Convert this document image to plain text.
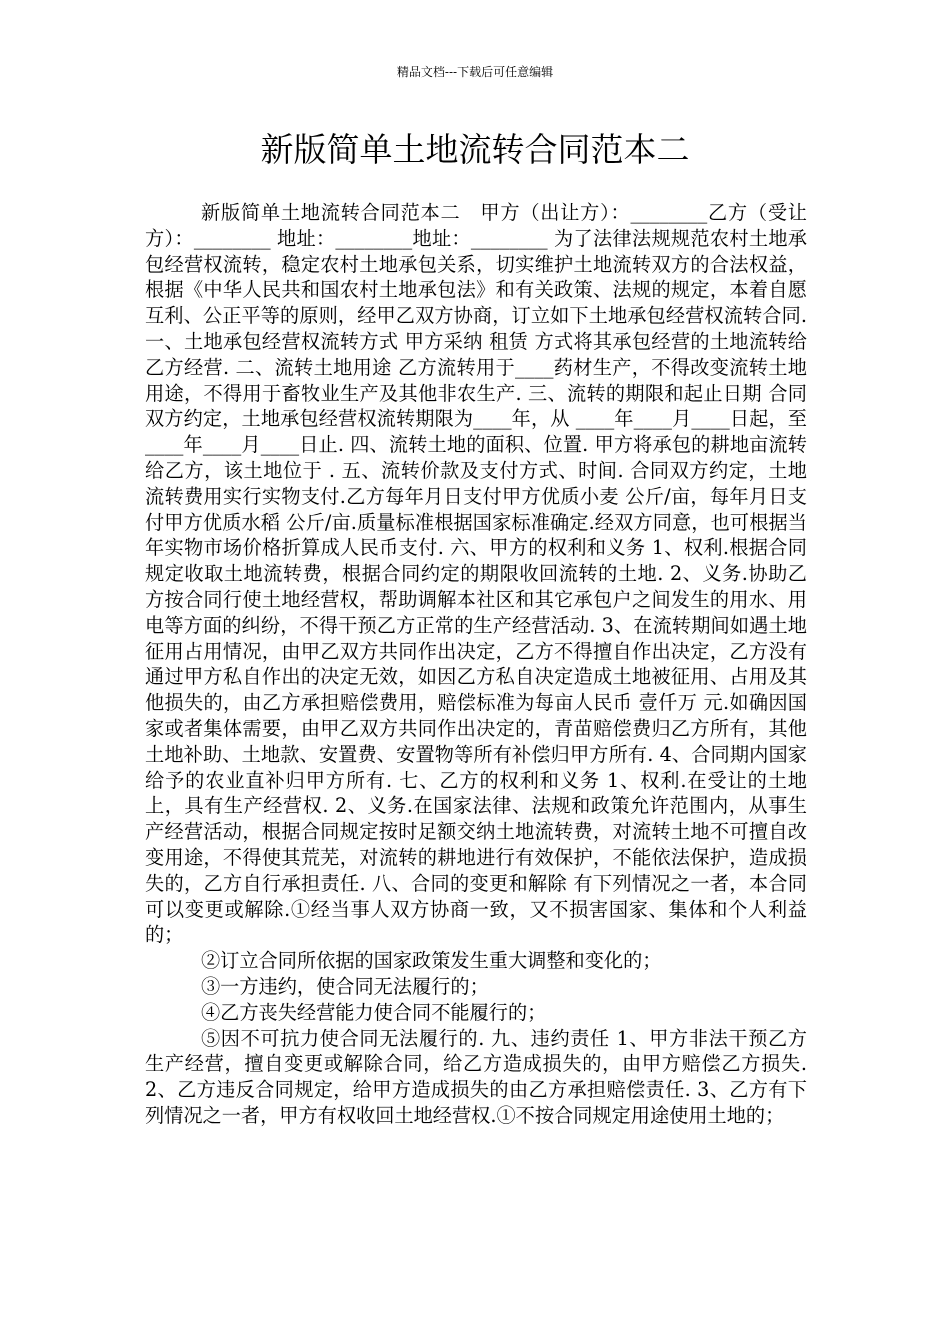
精品文档---下载后可任意编辑
新版简单土地流转合同范本二

新版简单土地流转合同范本二　甲方（出让方）：________乙方（受让方）：________ 地址：________地址：________ 为了法律法规规范农村土地承包经营权流转，稳定农村土地承包关系，切实维护土地流转双方的合法权益，根据《中华人民共和国农村土地承包法》和有关政策、法规的规定，本着自愿互利、公正平等的原则，经甲乙双方协商，订立如下土地承包经营权流转合同. 一、土地承包经营权流转方式 甲方采纳 租赁 方式将其承包经营的土地流转给乙方经营. 二、流转土地用途 乙方流转用于____药材生产，不得改变流转土地用途，不得用于畜牧业生产及其他非农生产. 三、流转的期限和起止日期 合同双方约定，土地承包经营权流转期限为____年，从 ____年____月____日起，至 ____年____月____日止. 四、流转土地的面积、位置. 甲方将承包的耕地亩流转给乙方，该土地位于 . 五、流转价款及支付方式、时间. 合同双方约定，土地流转费用实行实物支付.乙方每年月日支付甲方优质小麦 公斤/亩，每年月日支付甲方优质水稻 公斤/亩.质量标准根据国家标准确定.经双方同意，也可根据当年实物市场价格折算成人民币支付. 六、甲方的权利和义务 1、权利.根据合同规定收取土地流转费，根据合同约定的期限收回流转的土地. 2、义务.协助乙方按合同行使土地经营权，帮助调解本社区和其它承包户之间发生的用水、用电等方面的纠纷，不得干预乙方正常的生产经营活动. 3、在流转期间如遇土地征用占用情况，由甲乙双方共同作出决定，乙方不得擅自作出决定，乙方没有通过甲方私自作出的决定无效，如因乙方私自决定造成土地被征用、占用及其他损失的，由乙方承担赔偿费用，赔偿标准为每亩人民币 壹仟万 元.如确因国家或者集体需要，由甲乙双方共同作出决定的，青苗赔偿费归乙方所有，其他土地补助、土地款、安置费、安置物等所有补偿归甲方所有. 4、合同期内国家给予的农业直补归甲方所有. 七、乙方的权利和义务 1、权利.在受让的土地上，具有生产经营权. 2、义务.在国家法律、法规和政策允许范围内，从事生产经营活动，根据合同规定按时足额交纳土地流转费，对流转土地不可擅自改变用途，不得使其荒芜，对流转的耕地进行有效保护，不能依法保护，造成损失的，乙方自行承担责任. 八、合同的变更和解除 有下列情况之一者，本合同可以变更或解除.①经当事人双方协商一致，又不损害国家、集体和个人利益的；

②订立合同所依据的国家政策发生重大调整和变化的；

③一方违约，使合同无法履行的；

④乙方丧失经营能力使合同不能履行的；

⑤因不可抗力使合同无法履行的. 九、违约责任 1、甲方非法干预乙方生产经营，擅自变更或解除合同，给乙方造成损失的，由甲方赔偿乙方损失. 2、乙方违反合同规定，给甲方造成损失的由乙方承担赔偿责任. 3、乙方有下列情况之一者，甲方有权收回土地经营权.①不按合同规定用途使用土地的；
